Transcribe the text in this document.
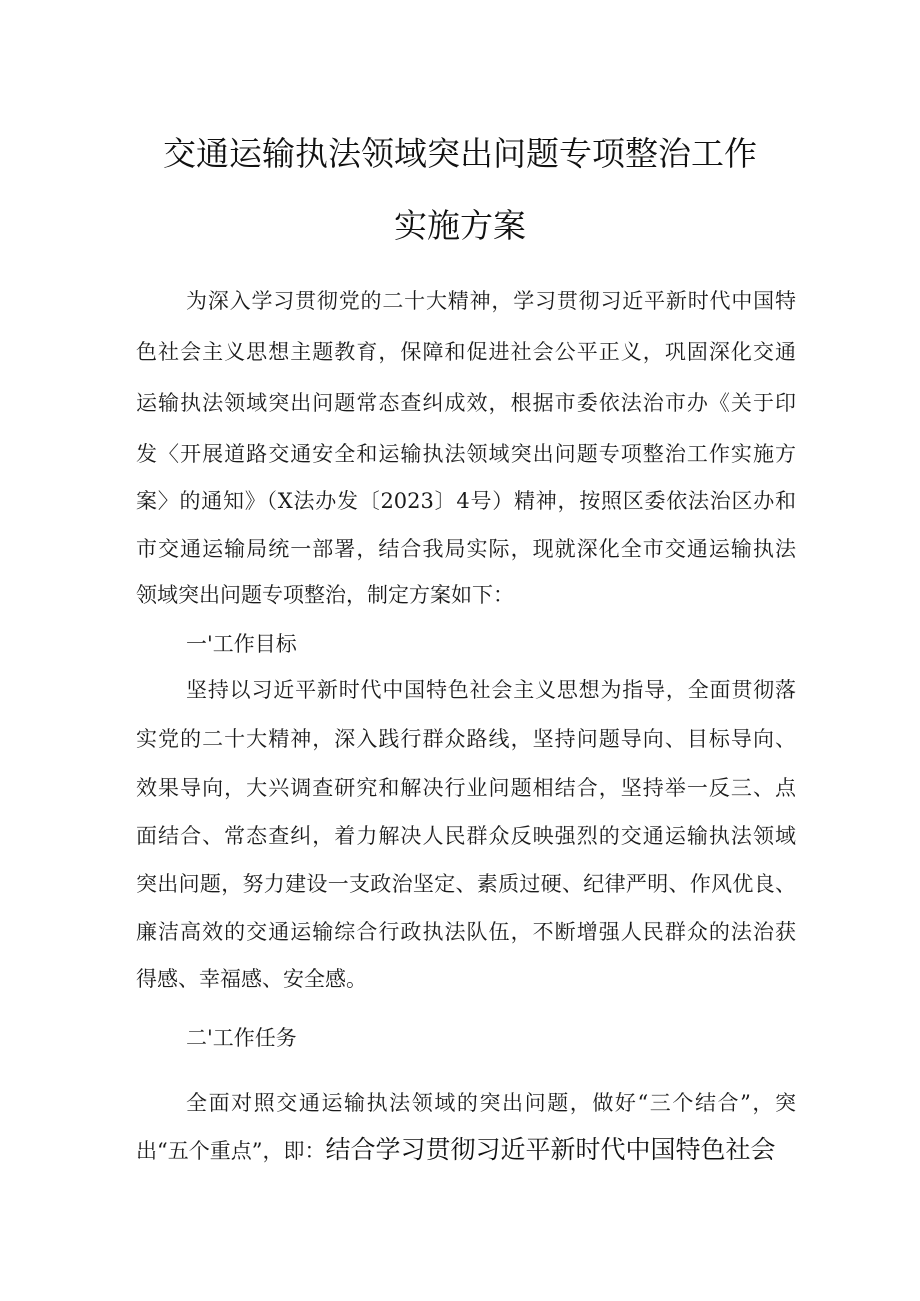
交通运输执法领域突出问题专项整治工作
实施方案
为深入学习贯彻党的二十大精神，学习贯彻习近平新时代中国特
色社会主义思想主题教育，保障和促进社会公平正义，巩固深化交通
运输执法领域突出问题常态查纠成效，根据市委依法治市办《关于印
发〈开展道路交通安全和运输执法领域突出问题专项整治工作实施方
案〉的通知》（X法办发〔2023〕4号）精神，按照区委依法治区办和
市交通运输局统一部署，结合我局实际，现就深化全市交通运输执法
领域突出问题专项整治，制定方案如下：
一'工作目标
坚持以习近平新时代中国特色社会主义思想为指导，全面贯彻落
实党的二十大精神，深入践行群众路线，坚持问题导向、目标导向、
效果导向，大兴调查研究和解决行业问题相结合，坚持举一反三、点
面结合、常态查纠，着力解决人民群众反映强烈的交通运输执法领域
突出问题，努力建设一支政治坚定、素质过硬、纪律严明、作风优良、
廉洁高效的交通运输综合行政执法队伍，不断增强人民群众的法治获
得感、幸福感、安全感。
二'工作任务
全面对照交通运输执法领域的突出问题，做好“三个结合”，突
出“五个重点”，即：结合学习贯彻习近平新时代中国特色社会
